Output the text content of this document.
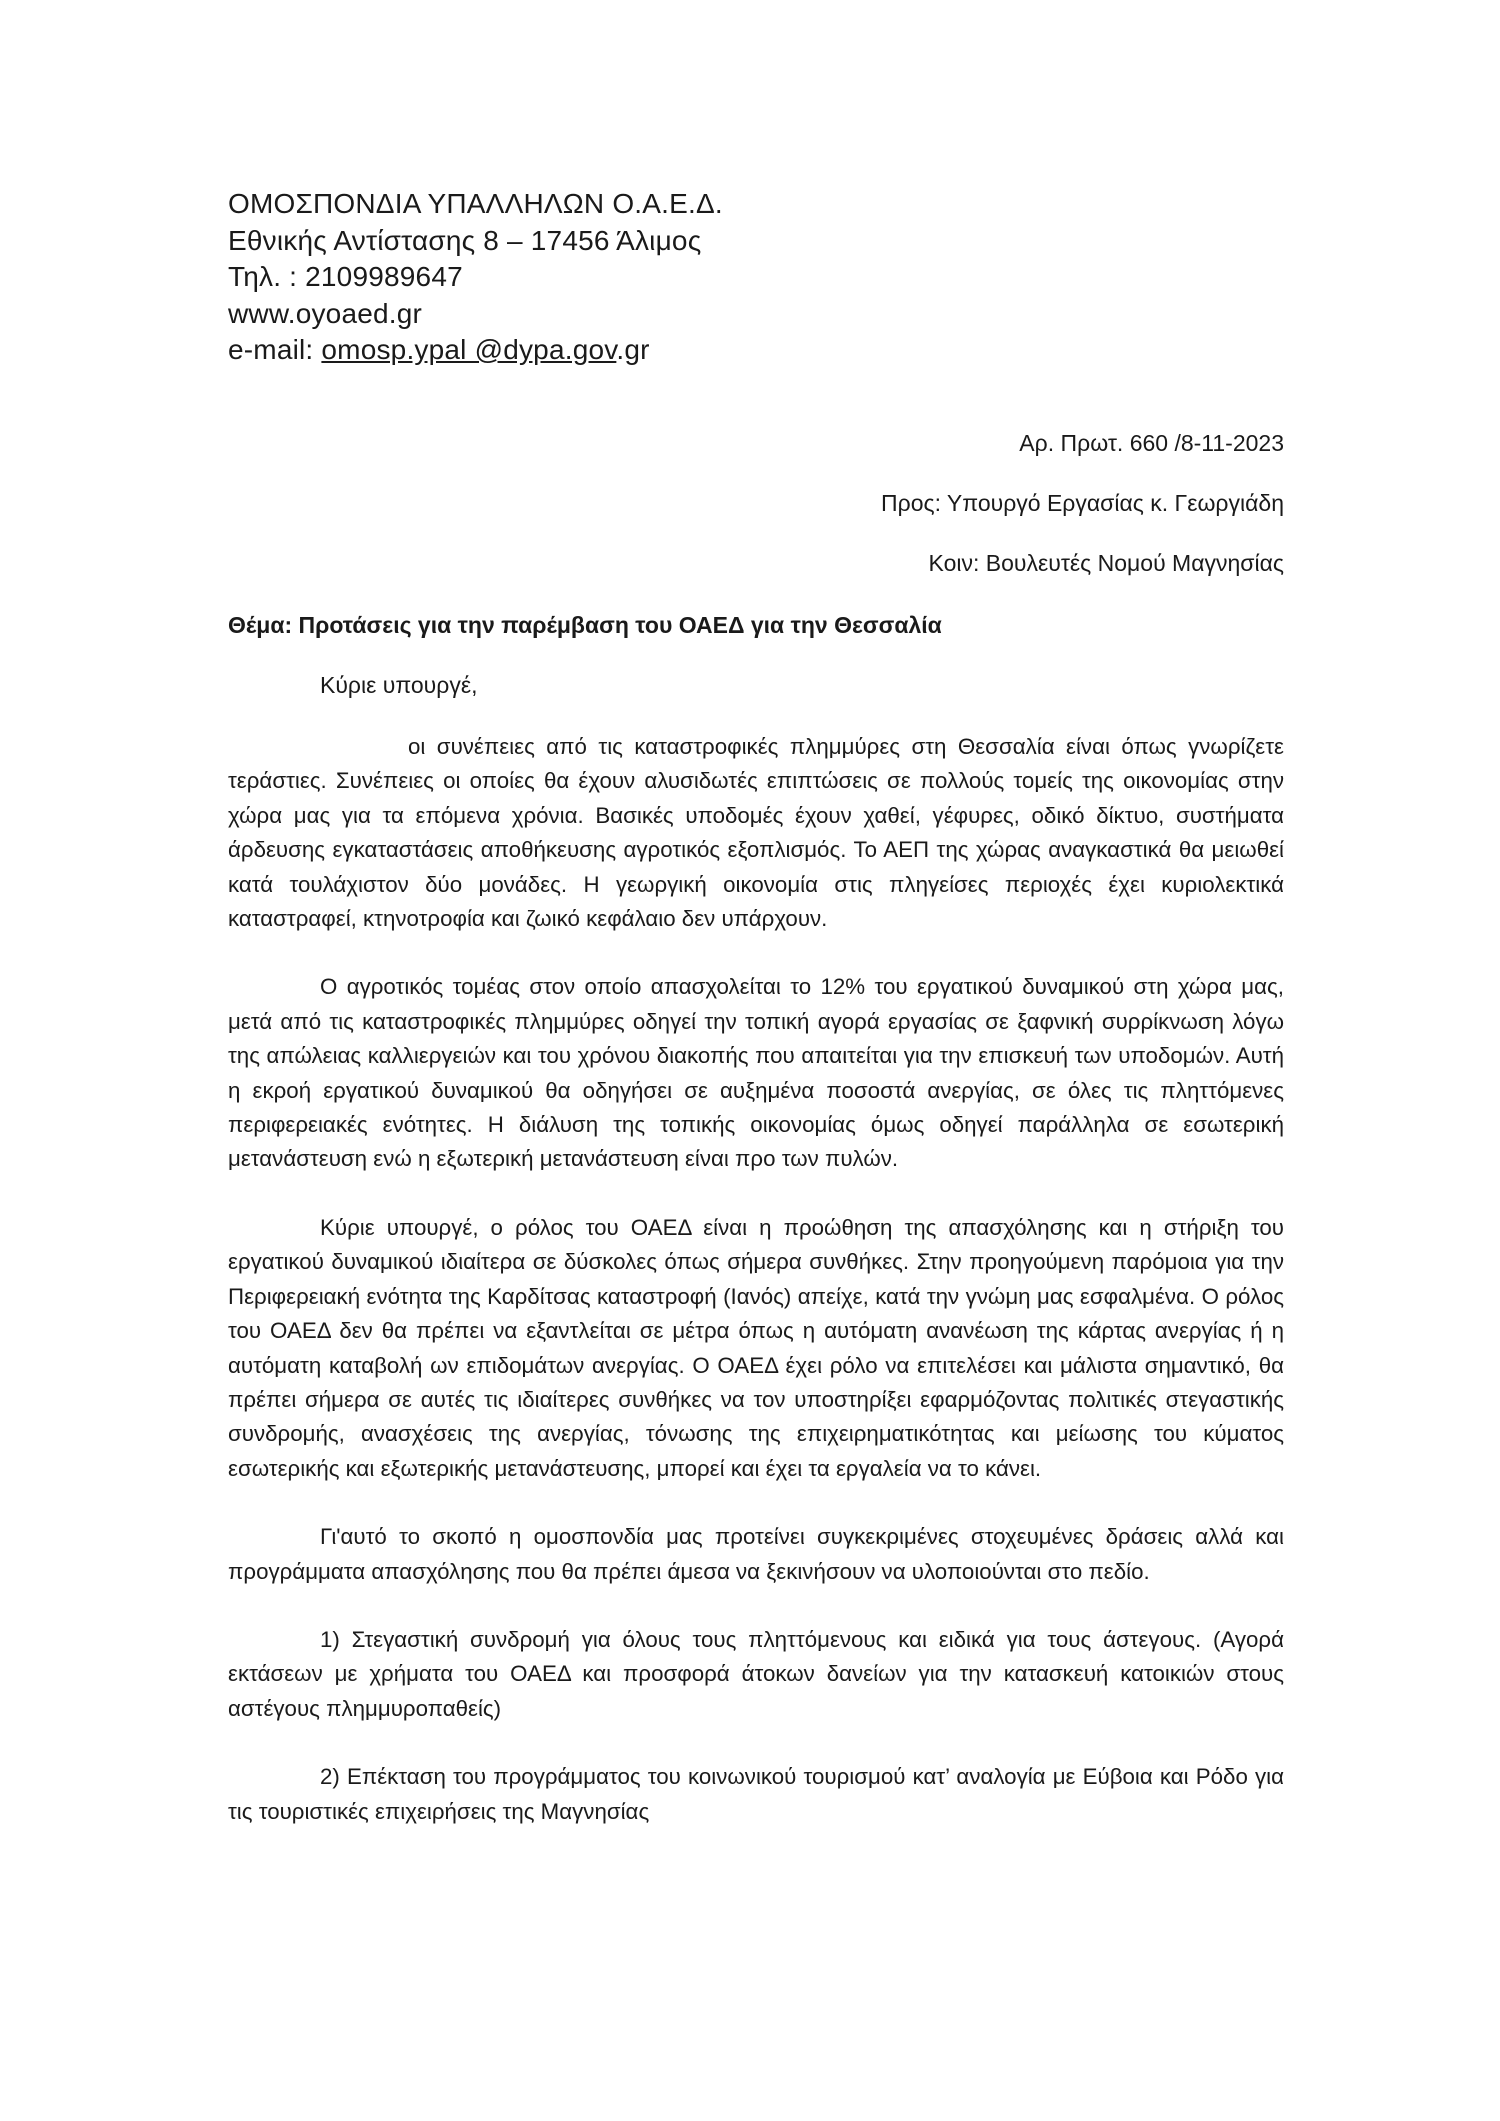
ΟΜΟΣΠΟΝΔΙΑ ΥΠΑΛΛΗΛΩΝ Ο.Α.Ε.Δ.
Εθνικής Αντίστασης 8 – 17456 Άλιμος
Τηλ. : 2109989647
www.oyoaed.gr
e-mail: omosp.ypal @dypa.gov.gr
Αρ. Πρωτ. 660 /8-11-2023
Προς: Υπουργό Εργασίας κ. Γεωργιάδη
Κοιν: Βουλευτές Νομού Μαγνησίας
Θέμα: Προτάσεις για την παρέμβαση του ΟΑΕΔ για την Θεσσαλία
Κύριε υπουργέ,

οι συνέπειες από τις καταστροφικές πλημμύρες στη Θεσσαλία είναι όπως γνωρίζετε τεράστιες. Συνέπειες οι οποίες θα έχουν αλυσιδωτές επιπτώσεις σε πολλούς τομείς της οικονομίας στην χώρα μας για τα επόμενα χρόνια. Βασικές υποδομές έχουν χαθεί, γέφυρες, οδικό δίκτυο, συστήματα άρδευσης εγκαταστάσεις αποθήκευσης αγροτικός εξοπλισμός. Το ΑΕΠ της χώρας αναγκαστικά θα μειωθεί κατά τουλάχιστον δύο μονάδες. Η γεωργική οικονομία στις πληγείσες περιοχές έχει κυριολεκτικά καταστραφεί, κτηνοτροφία και ζωικό κεφάλαιο δεν υπάρχουν.

Ο αγροτικός τομέας στον οποίο απασχολείται το 12% του εργατικού δυναμικού στη χώρα μας, μετά από τις καταστροφικές πλημμύρες οδηγεί την τοπική αγορά εργασίας σε ξαφνική συρρίκνωση λόγω της απώλειας καλλιεργειών και του χρόνου διακοπής που απαιτείται για την επισκευή των υποδομών. Αυτή η εκροή εργατικού δυναμικού θα οδηγήσει σε αυξημένα ποσοστά ανεργίας, σε όλες τις πληττόμενες περιφερειακές ενότητες. Η διάλυση της τοπικής οικονομίας όμως οδηγεί παράλληλα σε εσωτερική μετανάστευση ενώ η εξωτερική μετανάστευση είναι προ των πυλών.

Κύριε υπουργέ, ο ρόλος του ΟΑΕΔ είναι η προώθηση της απασχόλησης και η στήριξη του εργατικού δυναμικού ιδιαίτερα σε δύσκολες όπως σήμερα συνθήκες. Στην προηγούμενη παρόμοια για την Περιφερειακή ενότητα της Καρδίτσας καταστροφή (Ιανός) απείχε, κατά την γνώμη μας εσφαλμένα. Ο ρόλος του ΟΑΕΔ δεν θα πρέπει να εξαντλείται σε μέτρα όπως η αυτόματη ανανέωση της κάρτας ανεργίας ή η αυτόματη καταβολή ων επιδομάτων ανεργίας. Ο ΟΑΕΔ έχει ρόλο να επιτελέσει και μάλιστα σημαντικό, θα πρέπει σήμερα σε αυτές τις ιδιαίτερες συνθήκες να τον υποστηρίξει εφαρμόζοντας πολιτικές στεγαστικής συνδρομής, ανασχέσεις της ανεργίας, τόνωσης της επιχειρηματικότητας και μείωσης του κύματος εσωτερικής και εξωτερικής μετανάστευσης, μπορεί και έχει τα εργαλεία να το κάνει.

Γι'αυτό το σκοπό η ομοσπονδία μας προτείνει συγκεκριμένες στοχευμένες δράσεις αλλά και προγράμματα απασχόλησης που θα πρέπει άμεσα να ξεκινήσουν να υλοποιούνται στο πεδίο.

1) Στεγαστική συνδρομή για όλους τους πληττόμενους και ειδικά για τους άστεγους. (Αγορά εκτάσεων με χρήματα του ΟΑΕΔ και προσφορά άτοκων δανείων για την κατασκευή κατοικιών στους αστέγους πλημμυροπαθείς)

2) Επέκταση του προγράμματος του κοινωνικού τουρισμού κατ’ αναλογία με Εύβοια και Ρόδο για τις τουριστικές επιχειρήσεις της Μαγνησίας
